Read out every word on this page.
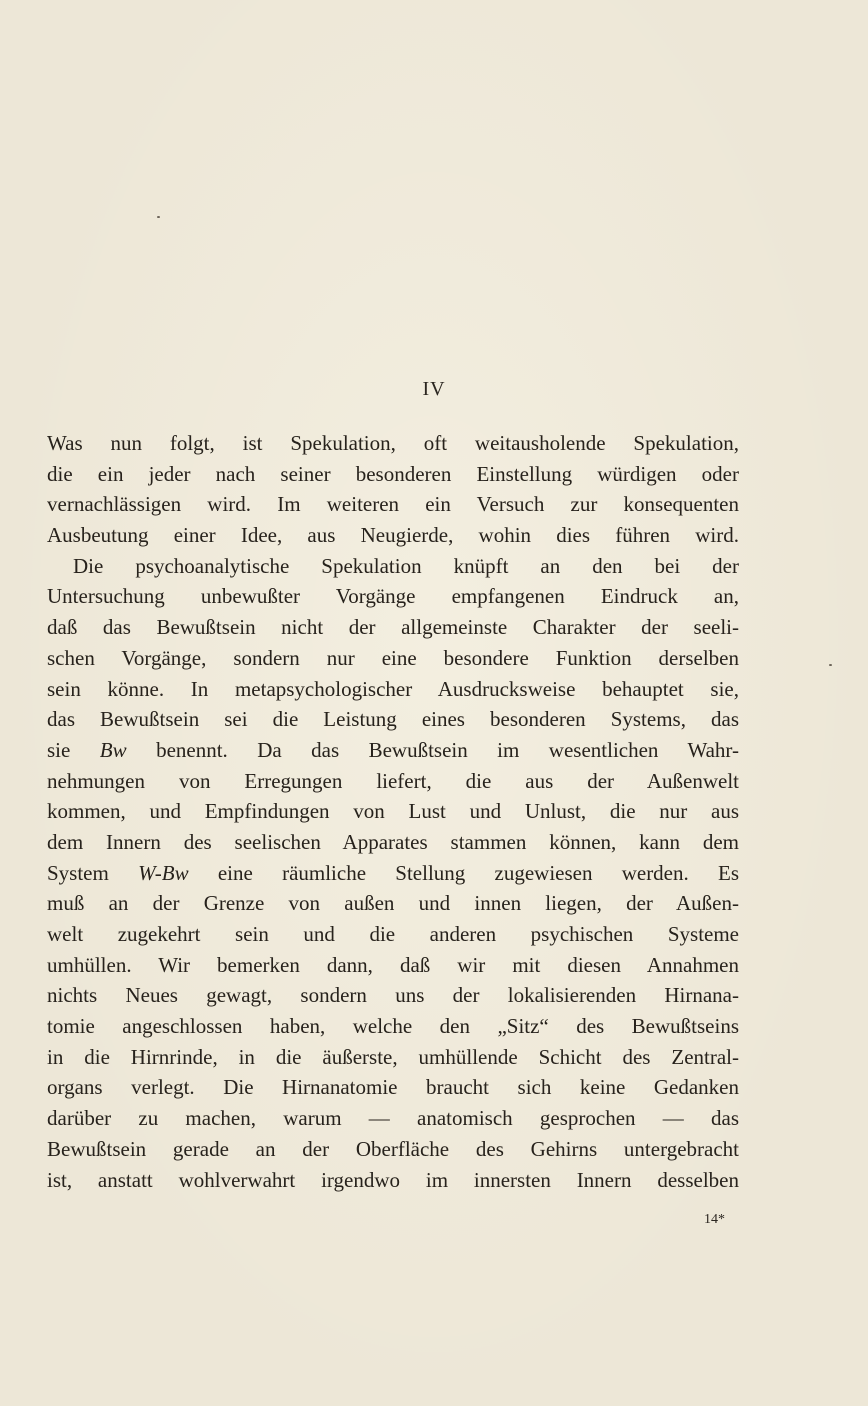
IV
Was nun folgt, ist Spekulation, oft weitausholende Spekulation,
die ein jeder nach seiner besonderen Einstellung würdigen oder
vernachlässigen wird. Im weiteren ein Versuch zur konsequenten
Ausbeutung einer Idee, aus Neugierde, wohin dies führen wird.
Die psychoanalytische Spekulation knüpft an den bei der
Untersuchung unbewußter Vorgänge empfangenen Eindruck an,
daß das Bewußtsein nicht der allgemeinste Charakter der seeli-
schen Vorgänge, sondern nur eine besondere Funktion derselben
sein könne. In metapsychologischer Ausdrucksweise behauptet sie,
das Bewußtsein sei die Leistung eines besonderen Systems, das
sie Bw benennt. Da das Bewußtsein im wesentlichen Wahr-
nehmungen von Erregungen liefert, die aus der Außenwelt
kommen, und Empfindungen von Lust und Unlust, die nur aus
dem Innern des seelischen Apparates stammen können, kann dem
System W-Bw eine räumliche Stellung zugewiesen werden. Es
muß an der Grenze von außen und innen liegen, der Außen-
welt zugekehrt sein und die anderen psychischen Systeme
umhüllen. Wir bemerken dann, daß wir mit diesen Annahmen
nichts Neues gewagt, sondern uns der lokalisierenden Hirnana-
tomie angeschlossen haben, welche den „Sitz“ des Bewußtseins
in die Hirnrinde, in die äußerste, umhüllende Schicht des Zentral-
organs verlegt. Die Hirnanatomie braucht sich keine Gedanken
darüber zu machen, warum — anatomisch gesprochen — das
Bewußtsein gerade an der Oberfläche des Gehirns untergebracht
ist, anstatt wohlverwahrt irgendwo im innersten Innern desselben
14*
